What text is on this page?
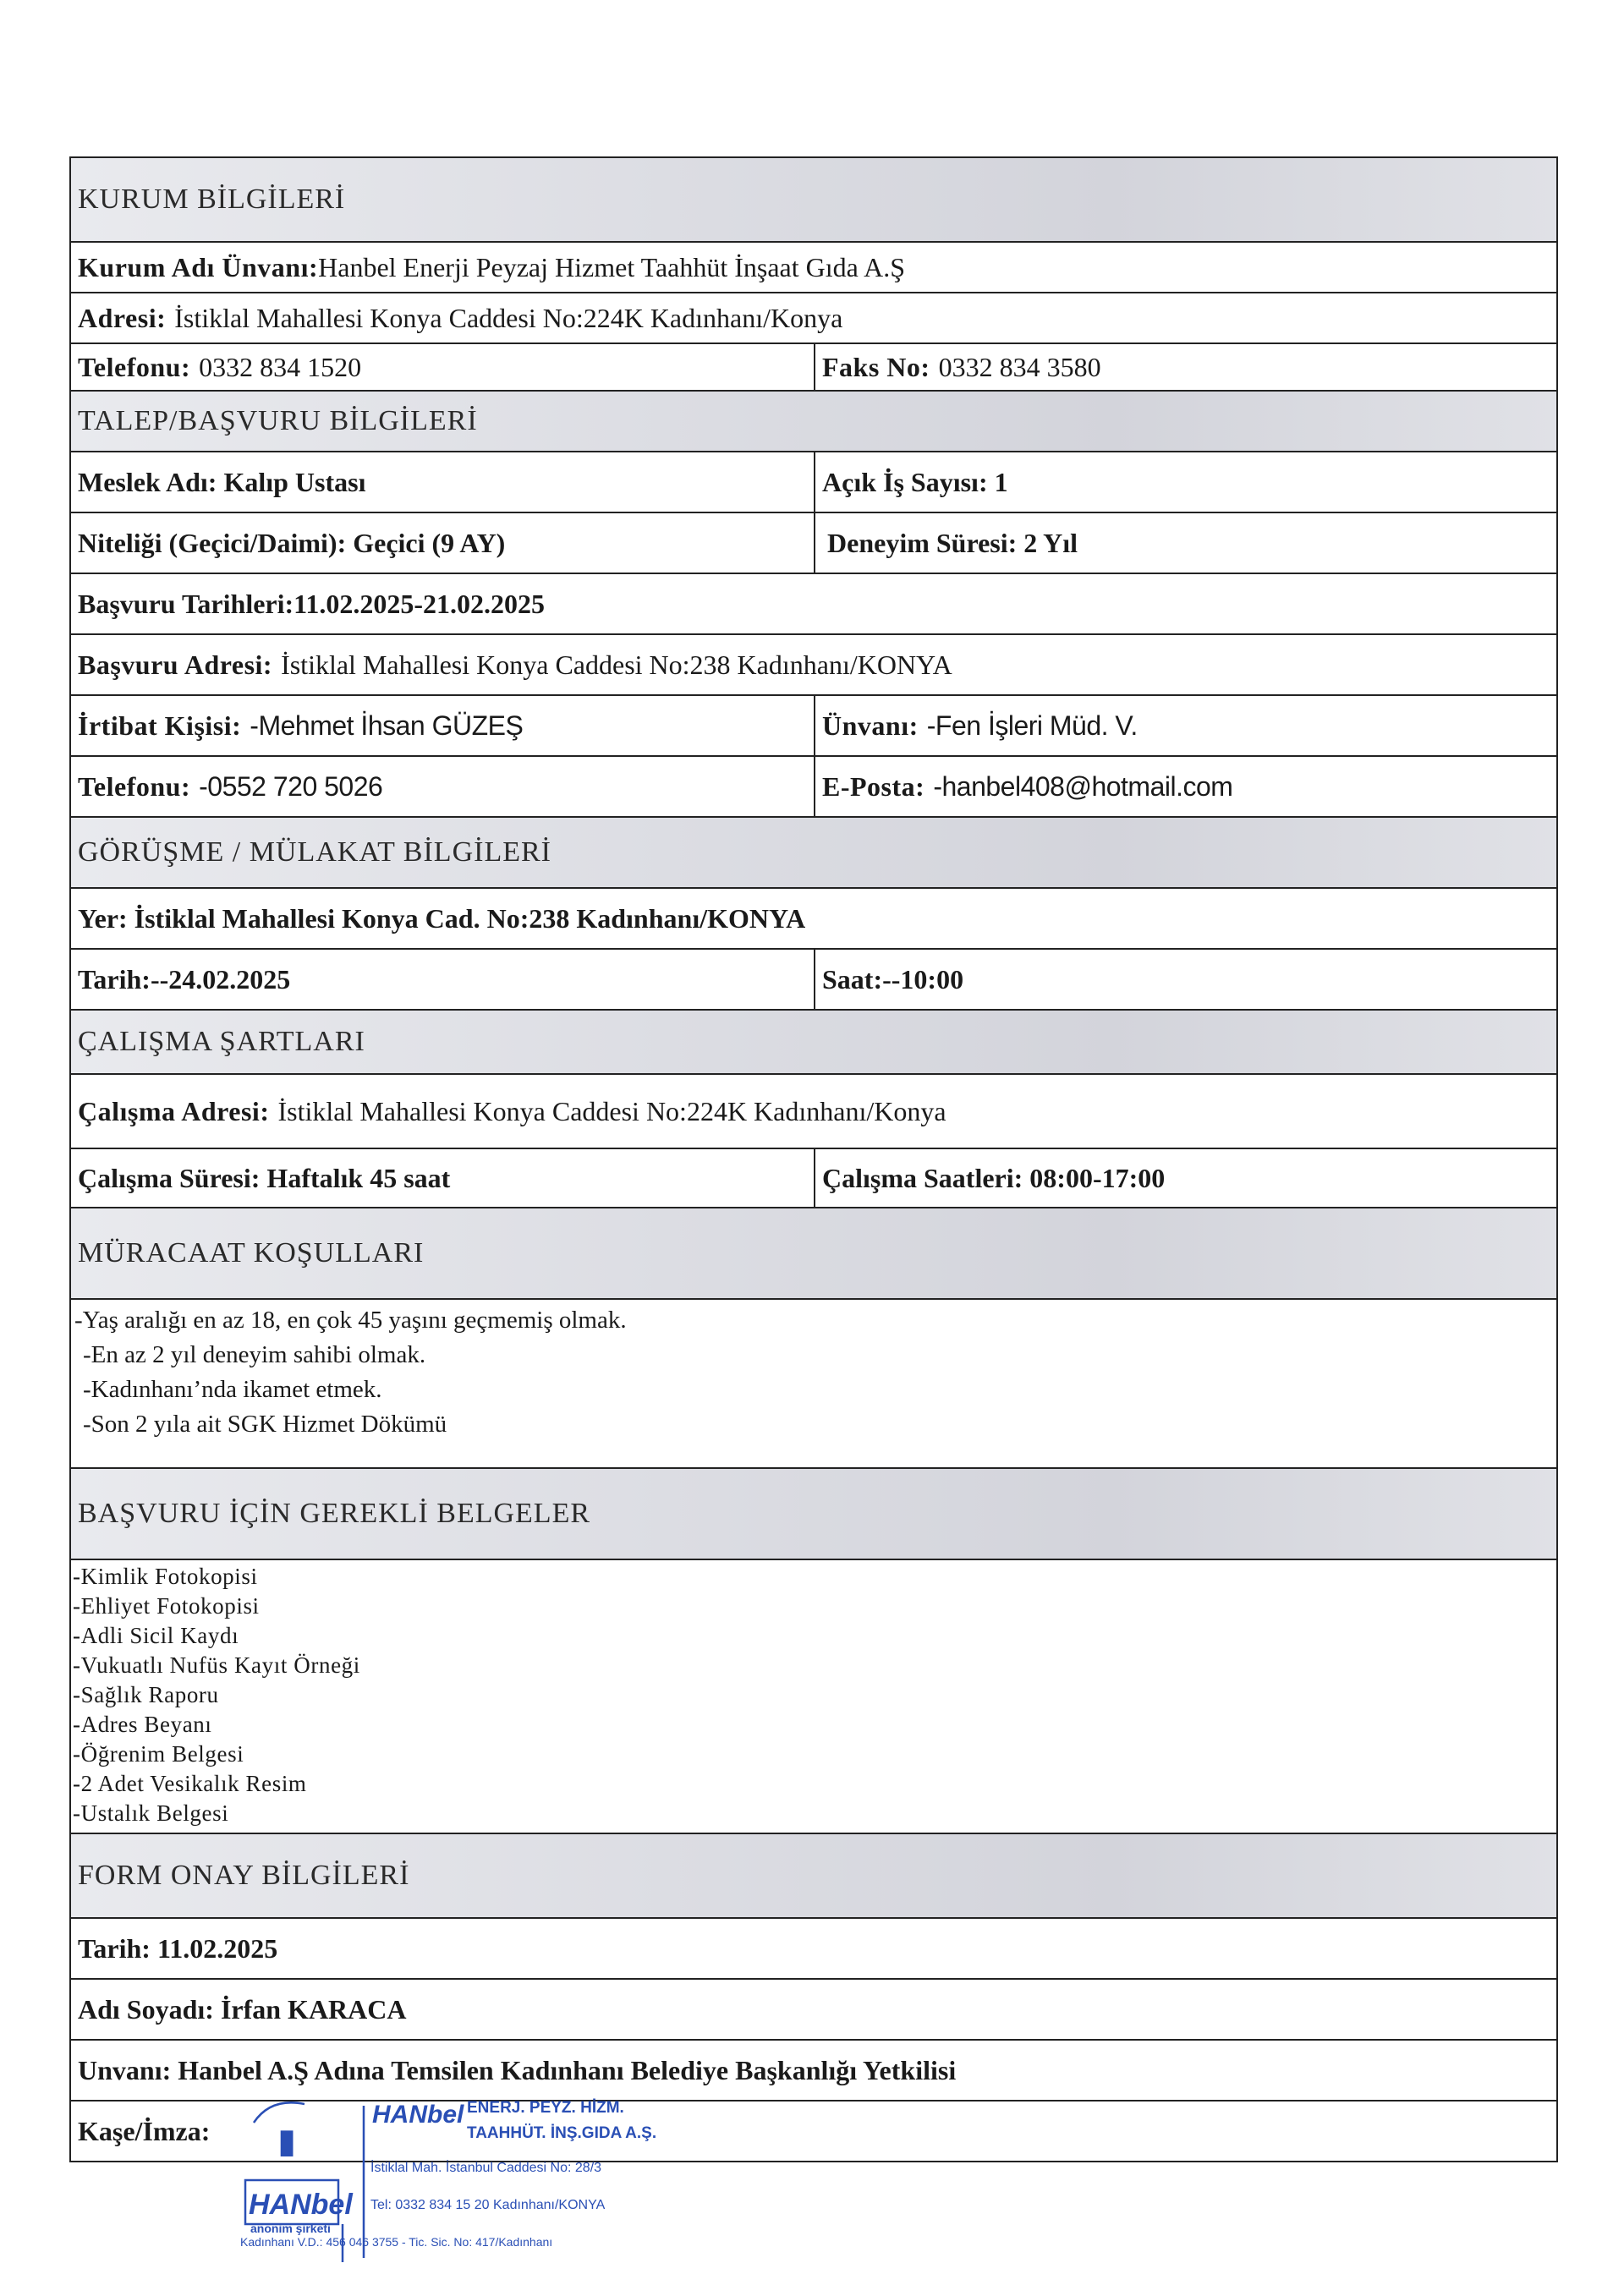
KURUM BİLGİLERİ
Kurum Adı Ünvanı: Hanbel Enerji Peyzaj Hizmet Taahhüt İnşaat Gıda A.Ş
Adresi: İstiklal Mahallesi Konya Caddesi No:224K Kadınhanı/Konya
Telefonu: 0332 834 1520	Faks No: 0332 834 3580
TALEP/BAŞVURU BİLGİLERİ
Meslek Adı: Kalıp Ustası	Açık İş Sayısı: 1
Niteliği (Geçici/Daimi): Geçici (9 AY)	Deneyim Süresi: 2 Yıl
Başvuru Tarihleri:11.02.2025-21.02.2025
Başvuru Adresi: İstiklal Mahallesi Konya Caddesi No:238 Kadınhanı/KONYA
İrtibat Kişisi: -Mehmet İhsan GÜZEŞ	Ünvanı: -Fen İşleri Müd. V.
Telefonu: -0552 720 5026	E-Posta: -hanbel408@hotmail.com
GÖRÜŞME / MÜLAKAT BİLGİLERİ
Yer: İstiklal Mahallesi Konya Cad. No:238 Kadınhanı/KONYA
Tarih:--24.02.2025	Saat:--10:00
ÇALIŞMA ŞARTLARI
Çalışma Adresi: İstiklal Mahallesi Konya Caddesi No:224K Kadınhanı/Konya
Çalışma Süresi: Haftalık 45 saat	Çalışma Saatleri: 08:00-17:00
MÜRACAAT KOŞULLARI
-Yaş aralığı en az 18, en çok 45 yaşını geçmemiş olmak.
-En az 2 yıl deneyim sahibi olmak.
-Kadınhanı’nda ikamet etmek.
-Son 2 yıla ait SGK Hizmet Dökümü
BAŞVURU İÇİN GEREKLİ BELGELER
-Kimlik Fotokopisi
-Ehliyet Fotokopisi
-Adli Sicil Kaydı
-Vukuatlı Nufüs Kayıt Örneği
-Sağlık Raporu
-Adres Beyanı
-Öğrenim Belgesi
-2 Adet Vesikalık Resim
-Ustalık Belgesi
FORM ONAY BİLGİLERİ
Tarih: 11.02.2025
Adı Soyadı: İrfan KARACA
Unvanı: Hanbel A.Ş Adına Temsilen Kadınhanı Belediye Başkanlığı Yetkilisi
Kaşe/İmza: ▮
HANbel
HANbel
anonim şirketi
ENERJ. PEYZ. HİZM.
TAAHHÜT. İNŞ.GIDA A.Ş.
İstiklal Mah. İstanbul Caddesi No: 28/3
Tel: 0332 834 15 20 Kadınhanı/KONYA
Kadınhanı V.D.: 456 046 3755 - Tic. Sic. No: 417/Kadınhanı
